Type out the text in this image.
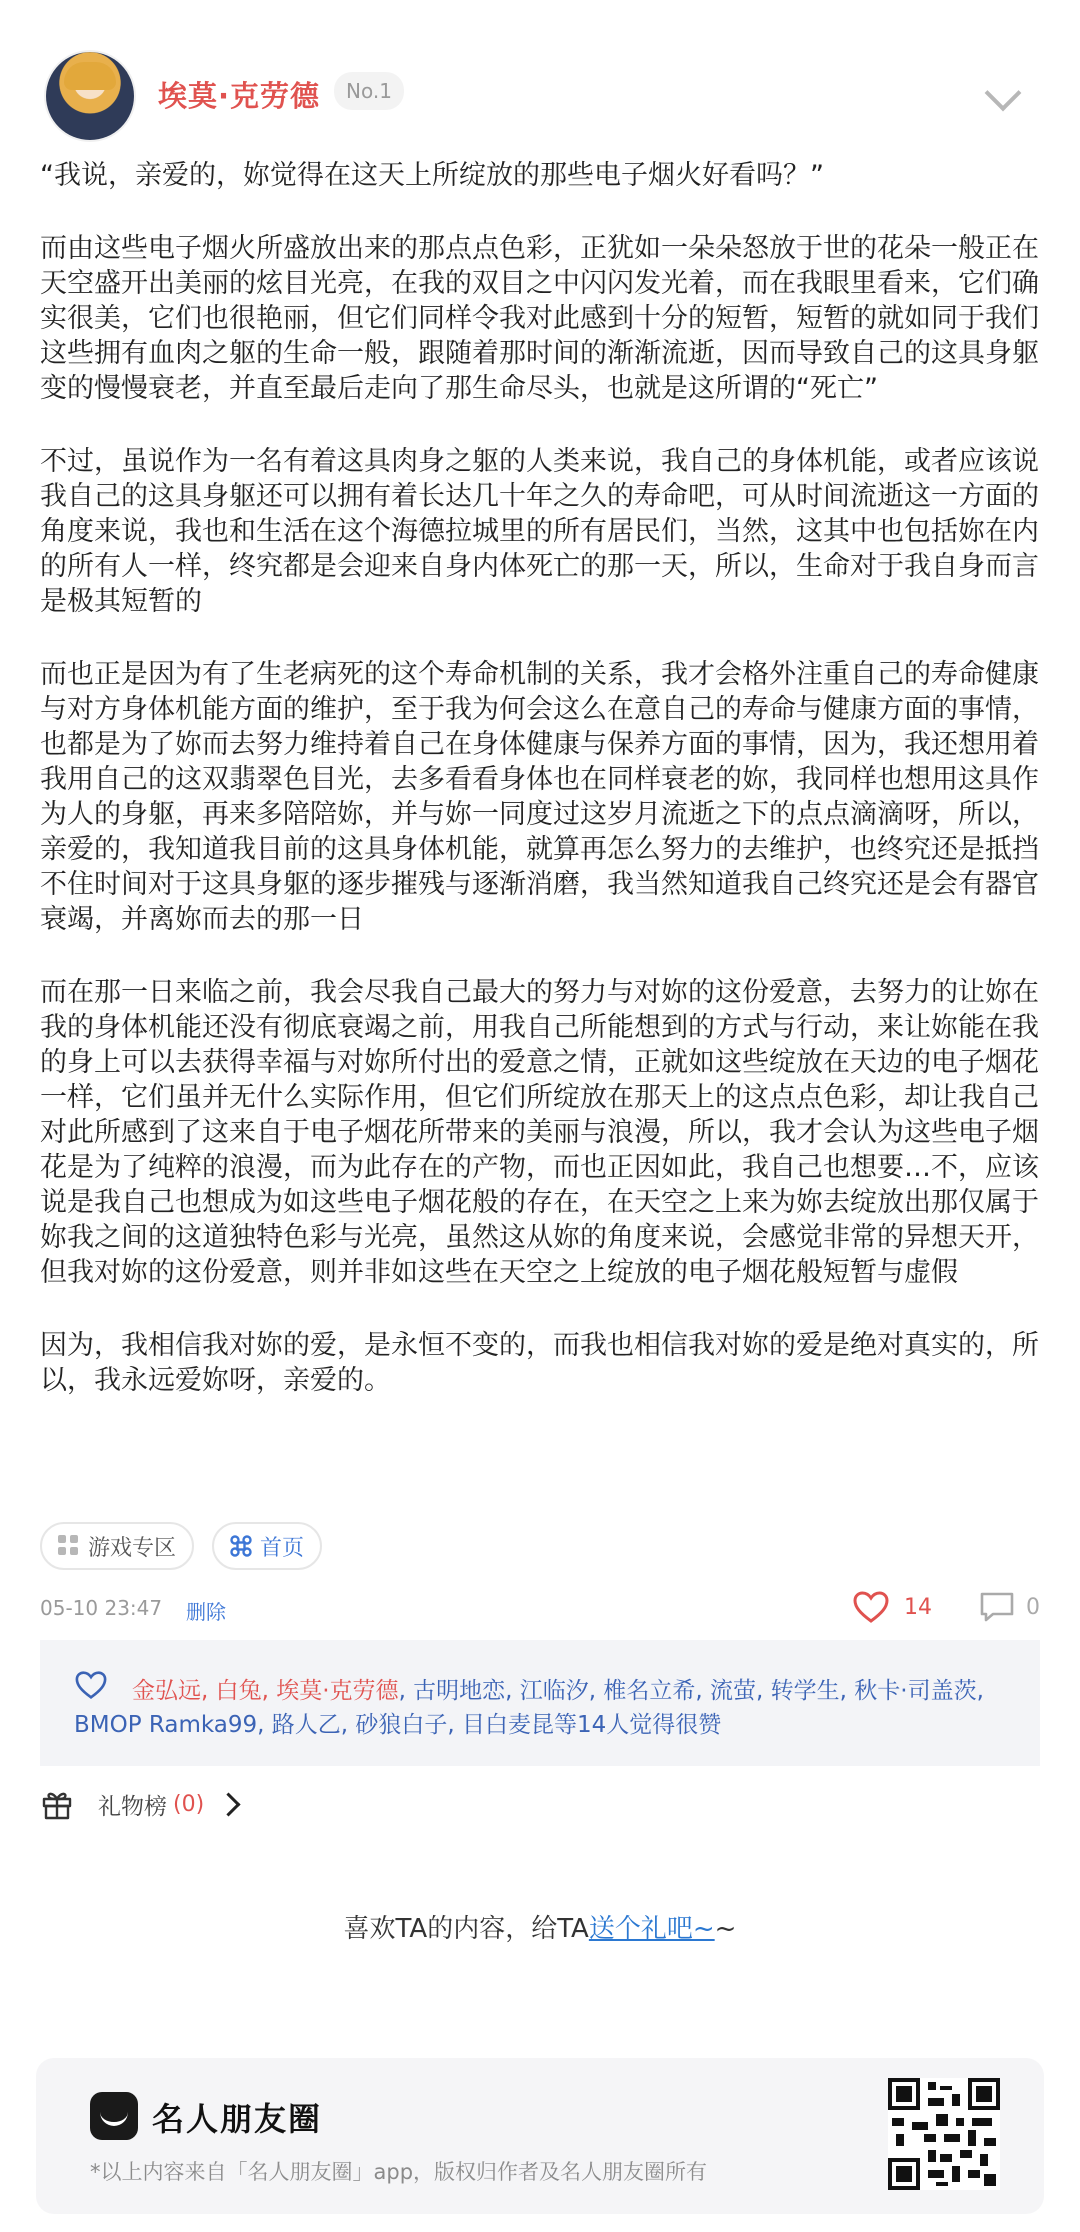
埃莫·克劳德	No.1

“我说，亲爱的，妳觉得在这天上所绽放的那些电子烟火好看吗？”

而由这些电子烟火所盛放出来的那点点色彩，正犹如一朵朵怒放于世的花朵一般正在天空盛开出美丽的炫目光亮，在我的双目之中闪闪发光着，而在我眼里看来，它们确实很美，它们也很艳丽，但它们同样令我对此感到十分的短暂，短暂的就如同于我们这些拥有血肉之躯的生命一般，跟随着那时间的渐渐流逝，因而导致自己的这具身躯变的慢慢衰老，并直至最后走向了那生命尽头，也就是这所谓的“死亡”

不过，虽说作为一名有着这具肉身之躯的人类来说，我自己的身体机能，或者应该说我自己的这具身躯还可以拥有着长达几十年之久的寿命吧，可从时间流逝这一方面的角度来说，我也和生活在这个海德拉城里的所有居民们，当然，这其中也包括妳在内的所有人一样，终究都是会迎来自身内体死亡的那一天，所以，生命对于我自身而言是极其短暂的

而也正是因为有了生老病死的这个寿命机制的关系，我才会格外注重自己的寿命健康与对方身体机能方面的维护，至于我为何会这么在意自己的寿命与健康方面的事情，也都是为了妳而去努力维持着自己在身体健康与保养方面的事情，因为，我还想用着我用自己的这双翡翠色目光，去多看看身体也在同样衰老的妳，我同样也想用这具作为人的身躯，再来多陪陪妳，并与妳一同度过这岁月流逝之下的点点滴滴呀，所以，亲爱的，我知道我目前的这具身体机能，就算再怎么努力的去维护，也终究还是抵挡不住时间对于这具身躯的逐步摧残与逐渐消磨，我当然知道我自己终究还是会有器官衰竭，并离妳而去的那一日

而在那一日来临之前，我会尽我自己最大的努力与对妳的这份爱意，去努力的让妳在我的身体机能还没有彻底衰竭之前，用我自己所能想到的方式与行动，来让妳能在我的身上可以去获得幸福与对妳所付出的爱意之情，正就如这些绽放在天边的电子烟花一样，它们虽并无什么实际作用，但它们所绽放在那天上的这点点色彩，却让我自己对此所感到了这来自于电子烟花所带来的美丽与浪漫，所以，我才会认为这些电子烟花是为了纯粹的浪漫，而为此存在的产物，而也正因如此，我自己也想要…不，应该说是我自己也想成为如这些电子烟花般的存在，在天空之上来为妳去绽放出那仅属于妳我之间的这道独特色彩与光亮，虽然这从妳的角度来说，会感觉非常的异想天开，但我对妳的这份爱意，则并非如这些在天空之上绽放的电子烟花般短暂与虚假

因为，我相信我对妳的爱，是永恒不变的，而我也相信我对妳的爱是绝对真实的，所以，我永远爱妳呀，亲爱的。

游戏专区	首页
05-10 23:47 删除	14	0
金弘远, 白兔, 埃莫·克劳德, 古明地恋, 江临汐, 椎名立希, 流萤, 转学生, 秋卡·司盖茨, BMOP Ramka99, 路人乙, 砂狼白子, 目白麦昆等14人觉得很赞
礼物榜 (0)
喜欢TA的内容，给TA送个礼吧~~
名人朋友圈
*以上内容来自「名人朋友圈」app，版权归作者及名人朋友圈所有
